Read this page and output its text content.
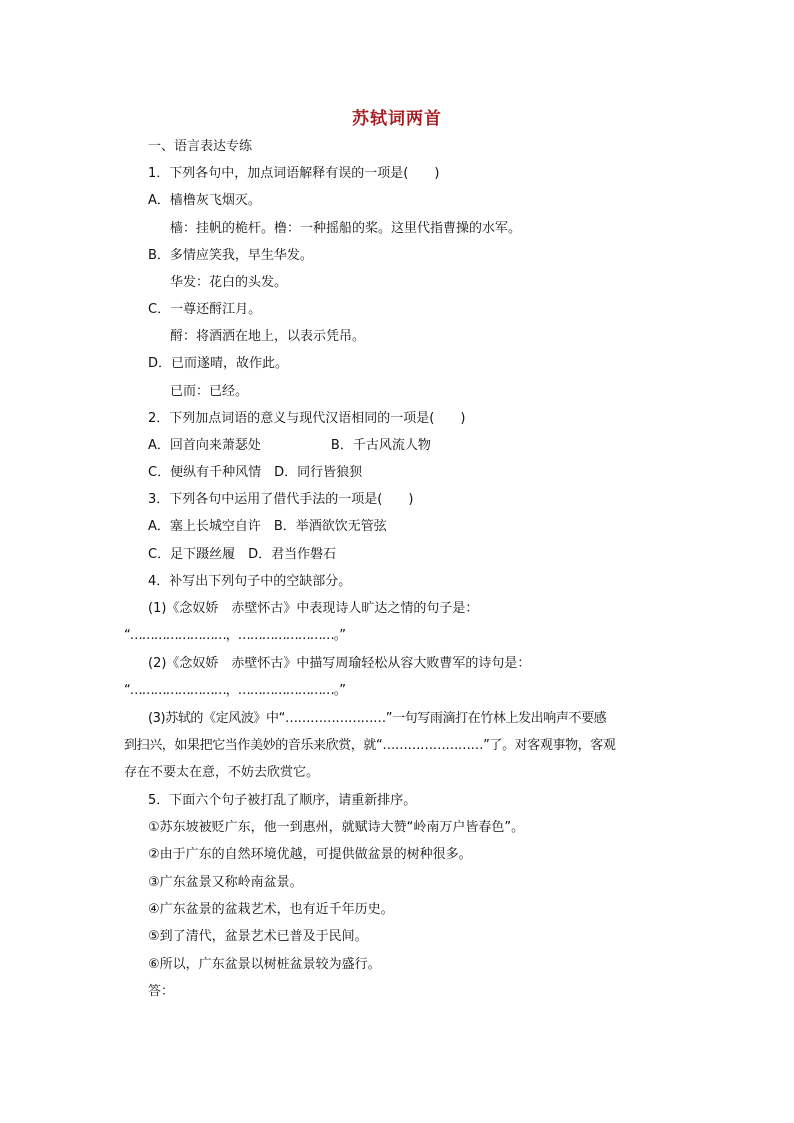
苏轼词两首
一、语言表达专练
1．下列各句中，加点词语解释有误的一项是(　　)
A．樯橹灰飞烟灭。
樯：挂帆的桅杆。橹：一种摇船的桨。这里代指曹操的水军。
B．多情应笑我，早生华发。
华发：花白的头发。
C．一尊还酹江月。
酹：将酒洒在地上，以表示凭吊。
D．已而遂晴，故作此。
已而：已经。
2．下列加点词语的意义与现代汉语相同的一项是(　　)
A．回首向来萧瑟处	B．千古风流人物
C．便纵有千种风情　D．同行皆狼狈
3．下列各句中运用了借代手法的一项是(　　)
A．塞上长城空自许　B．举酒欲饮无管弦
C．足下蹑丝履　D．君当作磐石
4．补写出下列句子中的空缺部分。
(1)《念奴娇　赤壁怀古》中表现诗人旷达之情的句子是：
“……………………，……………………。”
(2)《念奴娇　赤壁怀古》中描写周瑜轻松从容大败曹军的诗句是：
“……………………，……………………。”
(3)苏轼的《定风波》中“……………………”一句写雨滴打在竹林上发出响声不要感
到扫兴，如果把它当作美妙的音乐来欣赏，就“……………………”了。对客观事物，客观
存在不要太在意，不妨去欣赏它。
5．下面六个句子被打乱了顺序，请重新排序。
①苏东坡被贬广东，他一到惠州，就赋诗大赞“岭南万户皆春色”。
②由于广东的自然环境优越，可提供做盆景的树种很多。
③广东盆景又称岭南盆景。
④广东盆景的盆栽艺术，也有近千年历史。
⑤到了清代，盆景艺术已普及于民间。
⑥所以，广东盆景以树桩盆景较为盛行。
答：
